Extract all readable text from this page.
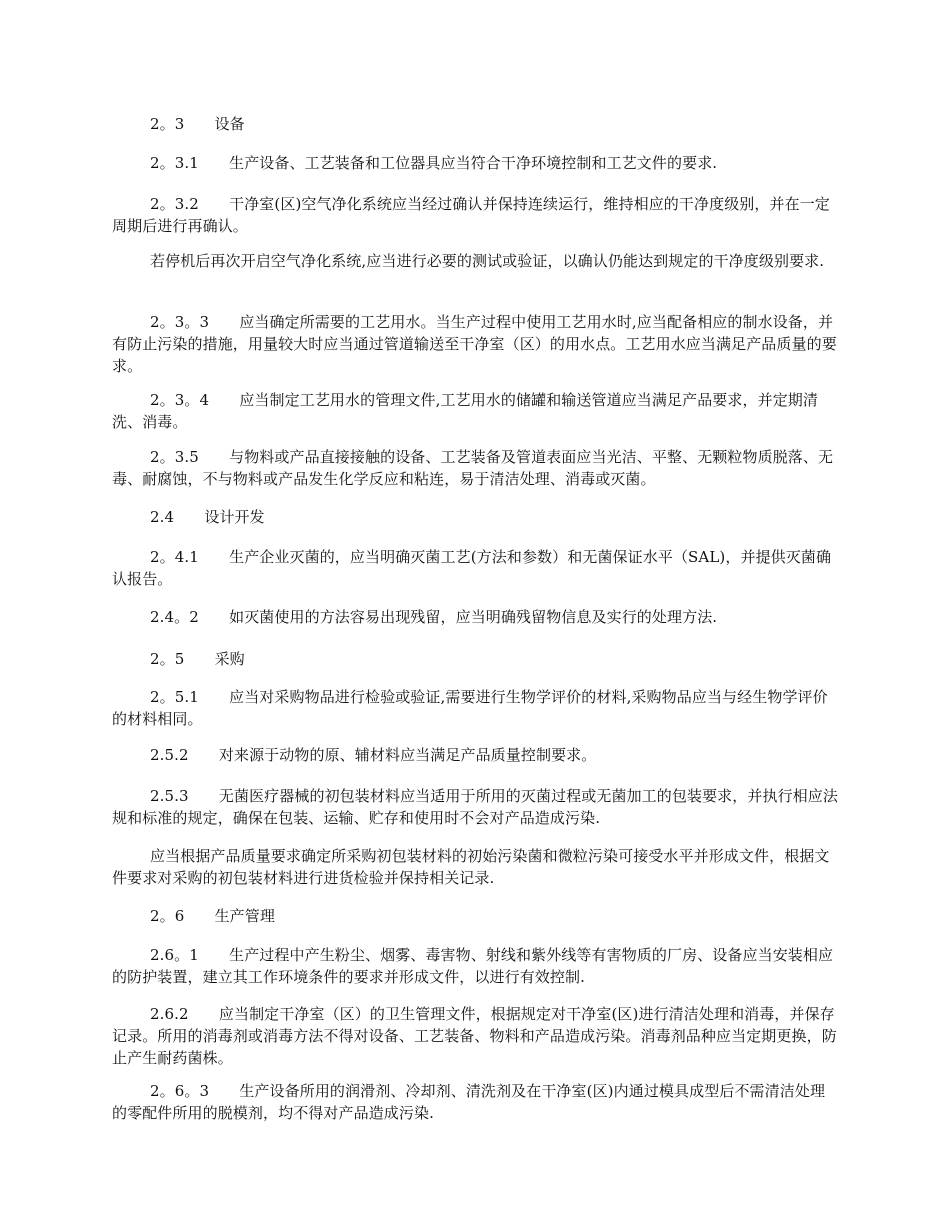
2。3　　设备
2。3.1　　生产设备、工艺装备和工位器具应当符合干净环境控制和工艺文件的要求.
2。3.2　　干净室(区)空气净化系统应当经过确认并保持连续运行，维持相应的干净度级别，并在一定周期后进行再确认。
若停机后再次开启空气净化系统,应当进行必要的测试或验证，以确认仍能达到规定的干净度级别要求.
2。3。3　　应当确定所需要的工艺用水。当生产过程中使用工艺用水时,应当配备相应的制水设备，并有防止污染的措施，用量较大时应当通过管道输送至干净室（区）的用水点。工艺用水应当满足产品质量的要求。
2。3。4　　应当制定工艺用水的管理文件,工艺用水的储罐和输送管道应当满足产品要求，并定期清洗、消毒。
2。3.5　　与物料或产品直接接触的设备、工艺装备及管道表面应当光洁、平整、无颗粒物质脱落、无毒、耐腐蚀，不与物料或产品发生化学反应和粘连，易于清洁处理、消毒或灭菌。
2.4　　设计开发
2。4.1　　生产企业灭菌的，应当明确灭菌工艺(方法和参数）和无菌保证水平（SAL)，并提供灭菌确认报告。
2.4。2　　如灭菌使用的方法容易出现残留，应当明确残留物信息及实行的处理方法.
2。5　　采购
2。5.1　　应当对采购物品进行检验或验证,需要进行生物学评价的材料,采购物品应当与经生物学评价的材料相同。
2.5.2　　对来源于动物的原、辅材料应当满足产品质量控制要求。
2.5.3　　无菌医疗器械的初包装材料应当适用于所用的灭菌过程或无菌加工的包装要求，并执行相应法规和标准的规定，确保在包装、运输、贮存和使用时不会对产品造成污染.
应当根据产品质量要求确定所采购初包装材料的初始污染菌和微粒污染可接受水平并形成文件，根据文件要求对采购的初包装材料进行进货检验并保持相关记录.
2。6　　生产管理
2.6。1　　生产过程中产生粉尘、烟雾、毒害物、射线和紫外线等有害物质的厂房、设备应当安装相应的防护装置，建立其工作环境条件的要求并形成文件，以进行有效控制.
2.6.2　　应当制定干净室（区）的卫生管理文件，根据规定对干净室(区)进行清洁处理和消毒，并保存记录。所用的消毒剂或消毒方法不得对设备、工艺装备、物料和产品造成污染。消毒剂品种应当定期更换，防止产生耐药菌株。
2。6。3　　生产设备所用的润滑剂、冷却剂、清洗剂及在干净室(区)内通过模具成型后不需清洁处理的零配件所用的脱模剂，均不得对产品造成污染.
